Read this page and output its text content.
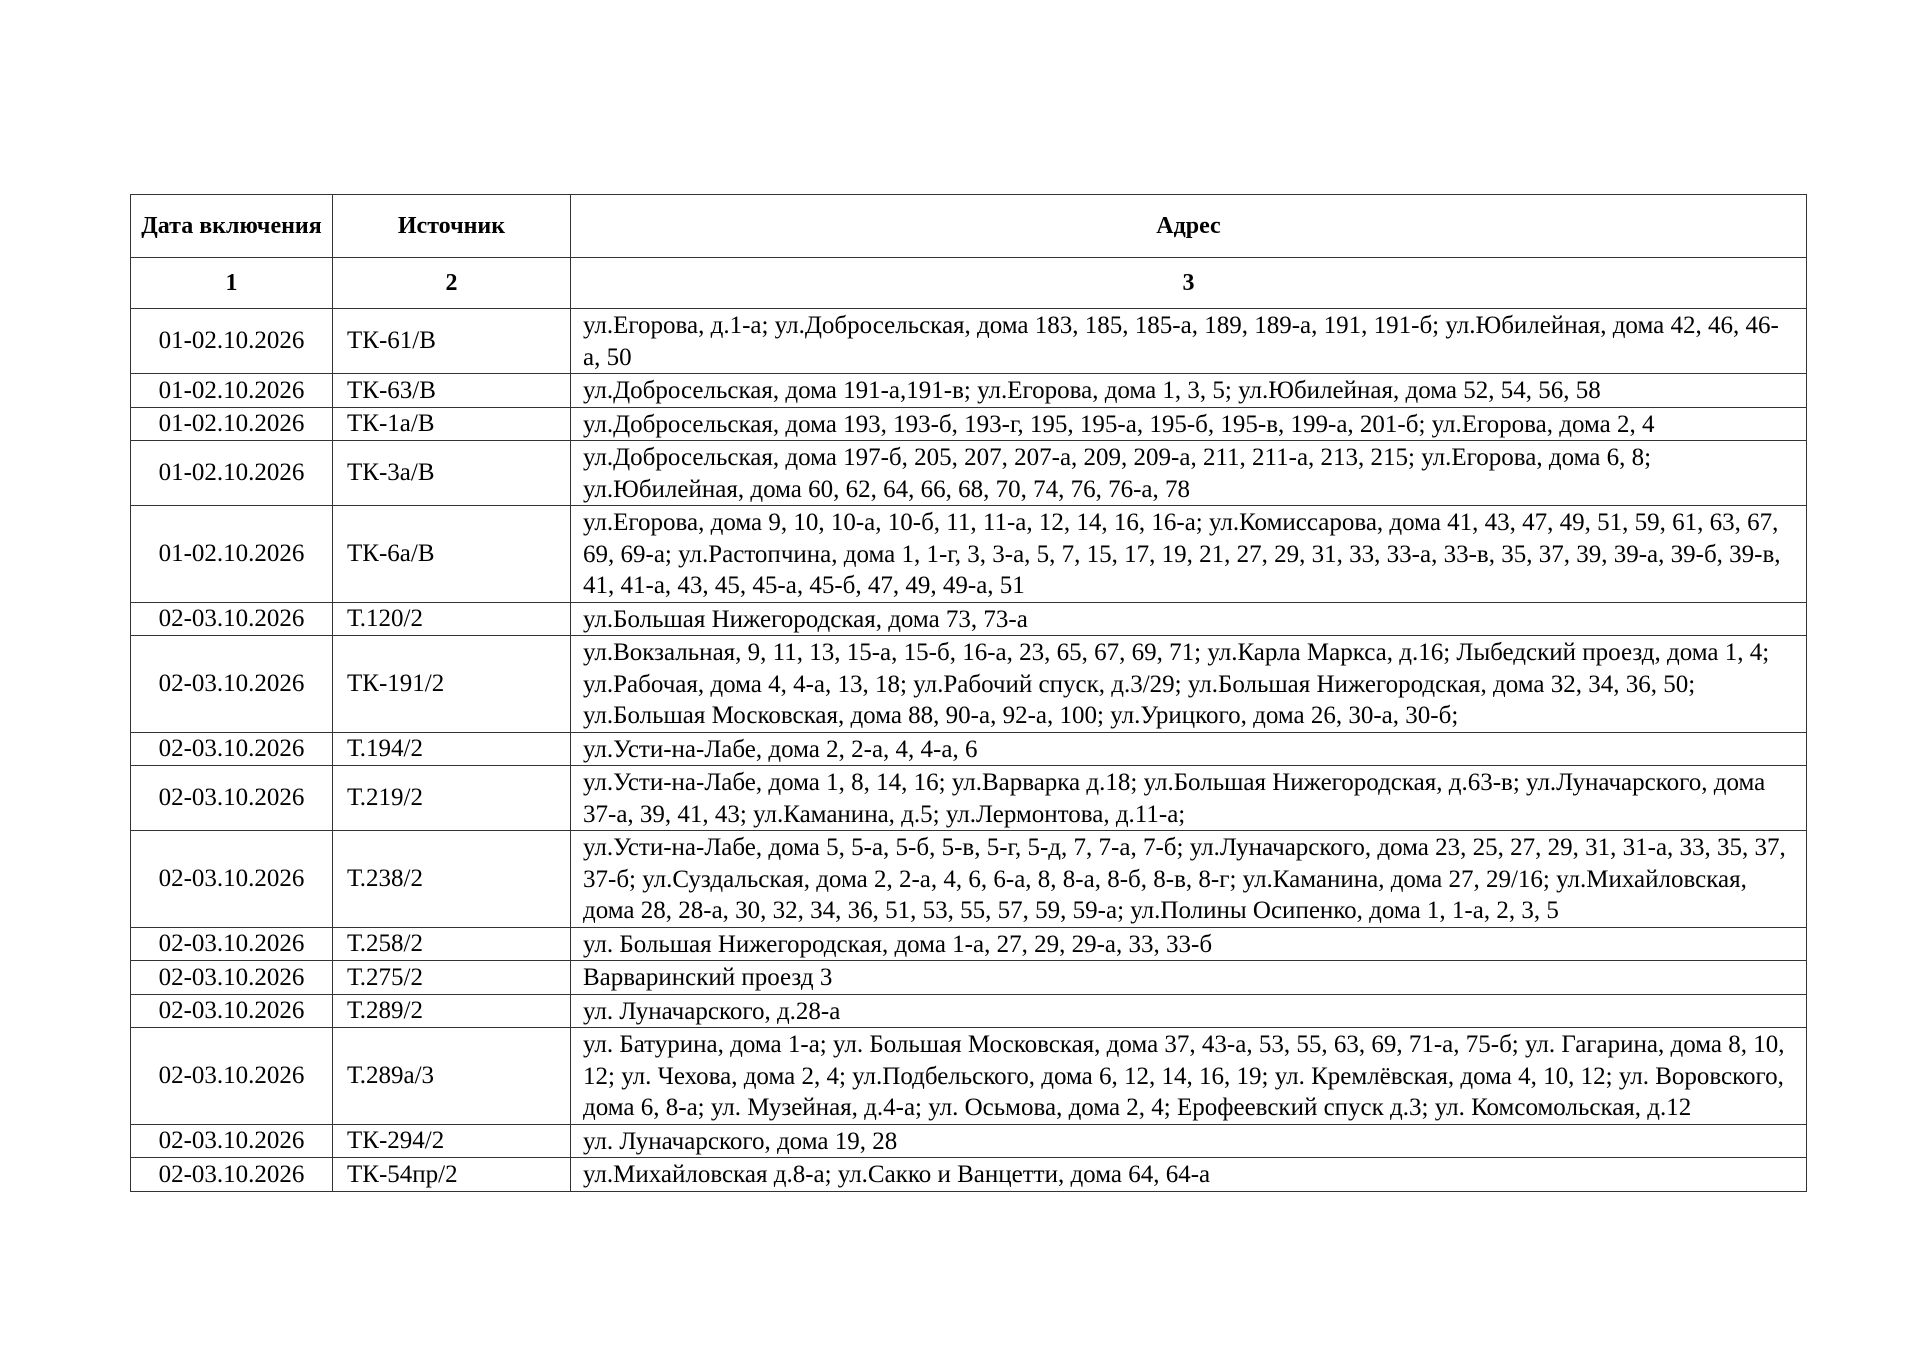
Дата включения	Источник	Адрес
1	2	3
01-02.10.2026	ТК-61/В	ул.Егорова, д.1-а; ул.Добросельская, дома 183, 185, 185-а, 189, 189-а, 191, 191-б; ул.Юбилейная, дома 42, 46, 46-а, 50
01-02.10.2026	ТК-63/В	ул.Добросельская, дома 191-а,191-в; ул.Егорова, дома 1, 3, 5; ул.Юбилейная, дома 52, 54, 56, 58
01-02.10.2026	ТК-1а/В	ул.Добросельская, дома 193, 193-б, 193-г, 195, 195-а, 195-б, 195-в, 199-а, 201-б; ул.Егорова, дома 2, 4
01-02.10.2026	ТК-3а/В	ул.Добросельская, дома 197-б, 205, 207, 207-а, 209, 209-а, 211, 211-а, 213, 215; ул.Егорова, дома 6, 8; ул.Юбилейная, дома 60, 62, 64, 66, 68, 70, 74, 76, 76-а, 78
01-02.10.2026	ТК-6а/В	ул.Егорова, дома 9, 10, 10-а, 10-б, 11, 11-а, 12, 14, 16, 16-а; ул.Комиссарова, дома 41, 43, 47, 49, 51, 59, 61, 63, 67, 69, 69-а; ул.Растопчина, дома 1, 1-г, 3, 3-а, 5, 7, 15, 17, 19, 21, 27, 29, 31, 33, 33-а, 33-в, 35, 37, 39, 39-а, 39-б, 39-в, 41, 41-а, 43, 45, 45-а, 45-б, 47, 49, 49-а, 51
02-03.10.2026	Т.120/2	ул.Большая Нижегородская, дома 73, 73-а
02-03.10.2026	ТК-191/2	ул.Вокзальная, 9, 11, 13, 15-а, 15-б, 16-а, 23, 65, 67, 69, 71; ул.Карла Маркса, д.16; Лыбедский проезд, дома 1, 4; ул.Рабочая, дома 4, 4-а, 13, 18; ул.Рабочий спуск, д.3/29; ул.Большая Нижегородская, дома 32, 34, 36, 50; ул.Большая Московская, дома 88, 90-а, 92-а, 100; ул.Урицкого, дома 26, 30-а, 30-б;
02-03.10.2026	Т.194/2	ул.Усти-на-Лабе, дома 2, 2-а, 4, 4-а, 6
02-03.10.2026	Т.219/2	ул.Усти-на-Лабе, дома 1, 8, 14, 16; ул.Варварка д.18; ул.Большая Нижегородская, д.63-в; ул.Луначарского, дома 37-а, 39, 41, 43; ул.Каманина, д.5; ул.Лермонтова, д.11-а;
02-03.10.2026	Т.238/2	ул.Усти-на-Лабе, дома 5, 5-а, 5-б, 5-в, 5-г, 5-д, 7, 7-а, 7-б; ул.Луначарского, дома 23, 25, 27, 29, 31, 31-а, 33, 35, 37, 37-б; ул.Суздальская, дома 2, 2-а, 4, 6, 6-а, 8, 8-а, 8-б, 8-в, 8-г; ул.Каманина, дома 27, 29/16; ул.Михайловская, дома 28, 28-а, 30, 32, 34, 36, 51, 53, 55, 57, 59, 59-а; ул.Полины Осипенко, дома 1, 1-а, 2, 3, 5
02-03.10.2026	Т.258/2	ул. Большая Нижегородская, дома 1-а, 27, 29, 29-а, 33, 33-б
02-03.10.2026	Т.275/2	Варваринский проезд 3
02-03.10.2026	Т.289/2	ул. Луначарского, д.28-а
02-03.10.2026	Т.289а/3	ул. Батурина, дома 1-а; ул. Большая Московская, дома 37, 43-а, 53, 55, 63, 69, 71-а, 75-б; ул. Гагарина, дома 8, 10, 12; ул. Чехова, дома 2, 4; ул.Подбельского, дома 6, 12, 14, 16, 19; ул. Кремлёвская, дома 4, 10, 12; ул. Воровского, дома 6, 8-а; ул. Музейная, д.4-а; ул. Осьмова, дома 2, 4; Ерофеевский спуск д.3; ул. Комсомольская, д.12
02-03.10.2026	ТК-294/2	ул. Луначарского, дома 19, 28
02-03.10.2026	ТК-54пр/2	ул.Михайловская д.8-а; ул.Сакко и Ванцетти, дома 64, 64-а
